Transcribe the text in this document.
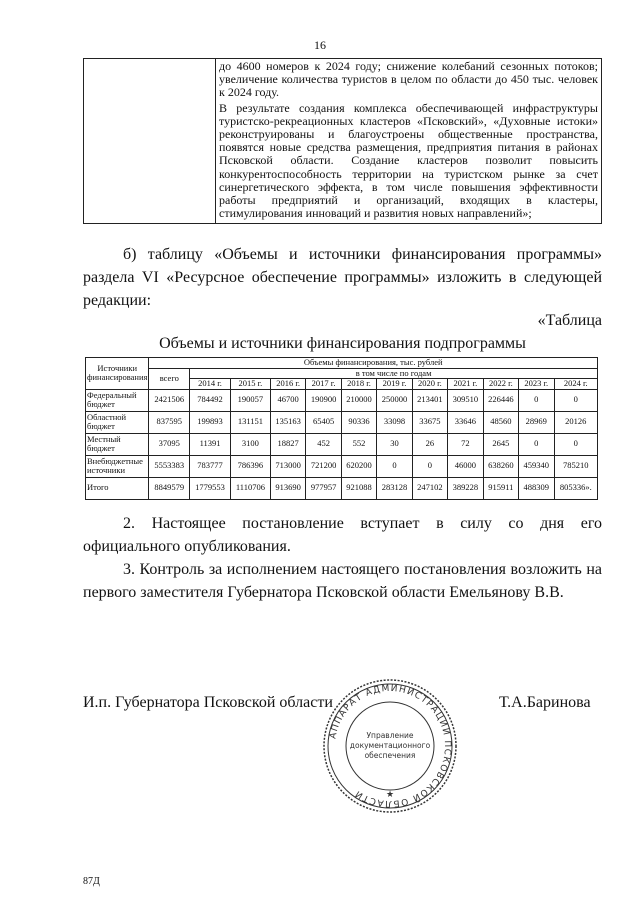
16

до 4600 номеров к 2024 году; снижение колебаний сезонных потоков; увеличение количества туристов в целом по области до 450 тыс. человек к 2024 году.

В результате создания комплекса обеспечивающей инфраструктуры туристско-рекреационных кластеров «Псковский», «Духовные истоки» реконструированы и благоустроены общественные пространства, появятся новые средства размещения, предприятия питания в районах Псковской области. Создание кластеров позволит повысить конкурентоспособность территории на туристском рынке за счет синергетического эффекта, в том числе повышения эффективности работы предприятий и организаций, входящих в кластеры, стимулирования инноваций и развития новых направлений»;

б) таблицу «Объемы и источники финансирования программы» раздела VI «Ресурсное обеспечение программы» изложить в следующей редакции:
«Таблица
Объемы и источники финансирования подпрограммы
Источники финансирования	Объемы финансирования, тыс. рублей											
	всего	в том числе по годам										
		2014 г.	2015 г.	2016 г.	2017 г.	2018 г.	2019 г.	2020 г.	2021 г.	2022 г.	2023 г.	2024 г.
Федеральный бюджет	2421506	784492	190057	46700	190900	210000	250000	213401	309510	226446	0	0
Областной бюджет	837595	199893	131151	135163	65405	90336	33098	33675	33646	48560	28969	20126
Местный бюджет	37095	11391	3100	18827	452	552	30	26	72	2645	0	0
Внебюджетные источники	5553383	783777	786396	713000	721200	620200	0	0	46000	638260	459340	785210
Итого	8849579	1779553	1110706	913690	977957	921088	283128	247102	389228	915911	488309	805336».
2. Настоящее постановление вступает в силу со дня его официального опубликования.
3. Контроль за исполнением настоящего постановления возложить на первого заместителя Губернатора Псковской области Емельянову В.В.
И.п. Губернатора Псковской области	Т.А.Баринова
АППАРАТ АДМИНИСТРАЦИИ ПСКОВСКОЙ ОБЛАСТИ
Управление
документационного
обеспечения
★
87Д
